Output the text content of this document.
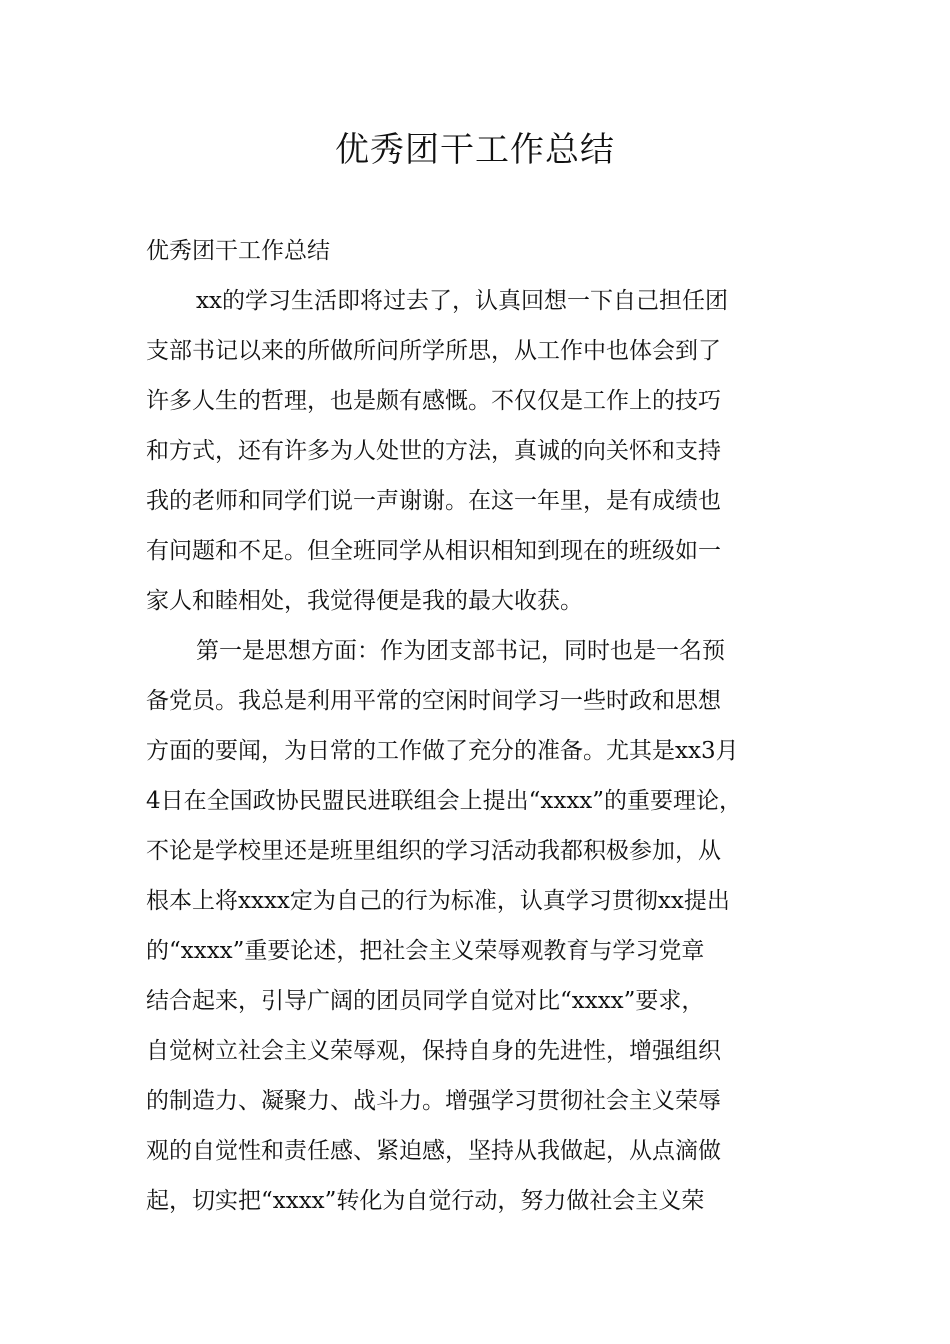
优秀团干工作总结
优秀团干工作总结
xx的学习生活即将过去了，认真回想一下自己担任团
支部书记以来的所做所问所学所思，从工作中也体会到了
许多人生的哲理，也是颇有感慨。不仅仅是工作上的技巧
和方式，还有许多为人处世的方法，真诚的向关怀和支持
我的老师和同学们说一声谢谢。在这一年里，是有成绩也
有问题和不足。但全班同学从相识相知到现在的班级如一
家人和睦相处，我觉得便是我的最大收获。
第一是思想方面：作为团支部书记，同时也是一名预
备党员。我总是利用平常的空闲时间学习一些时政和思想
方面的要闻，为日常的工作做了充分的准备。尤其是xx3月
4日在全国政协民盟民进联组会上提出“xxxx”的重要理论，
不论是学校里还是班里组织的学习活动我都积极参加，从
根本上将xxxx定为自己的行为标准，认真学习贯彻xx提出
的“xxxx”重要论述，把社会主义荣辱观教育与学习党章
结合起来，引导广阔的团员同学自觉对比“xxxx”要求，
自觉树立社会主义荣辱观，保持自身的先进性，增强组织
的制造力、凝聚力、战斗力。增强学习贯彻社会主义荣辱
观的自觉性和责任感、紧迫感，坚持从我做起，从点滴做
起，切实把“xxxx”转化为自觉行动，努力做社会主义荣
